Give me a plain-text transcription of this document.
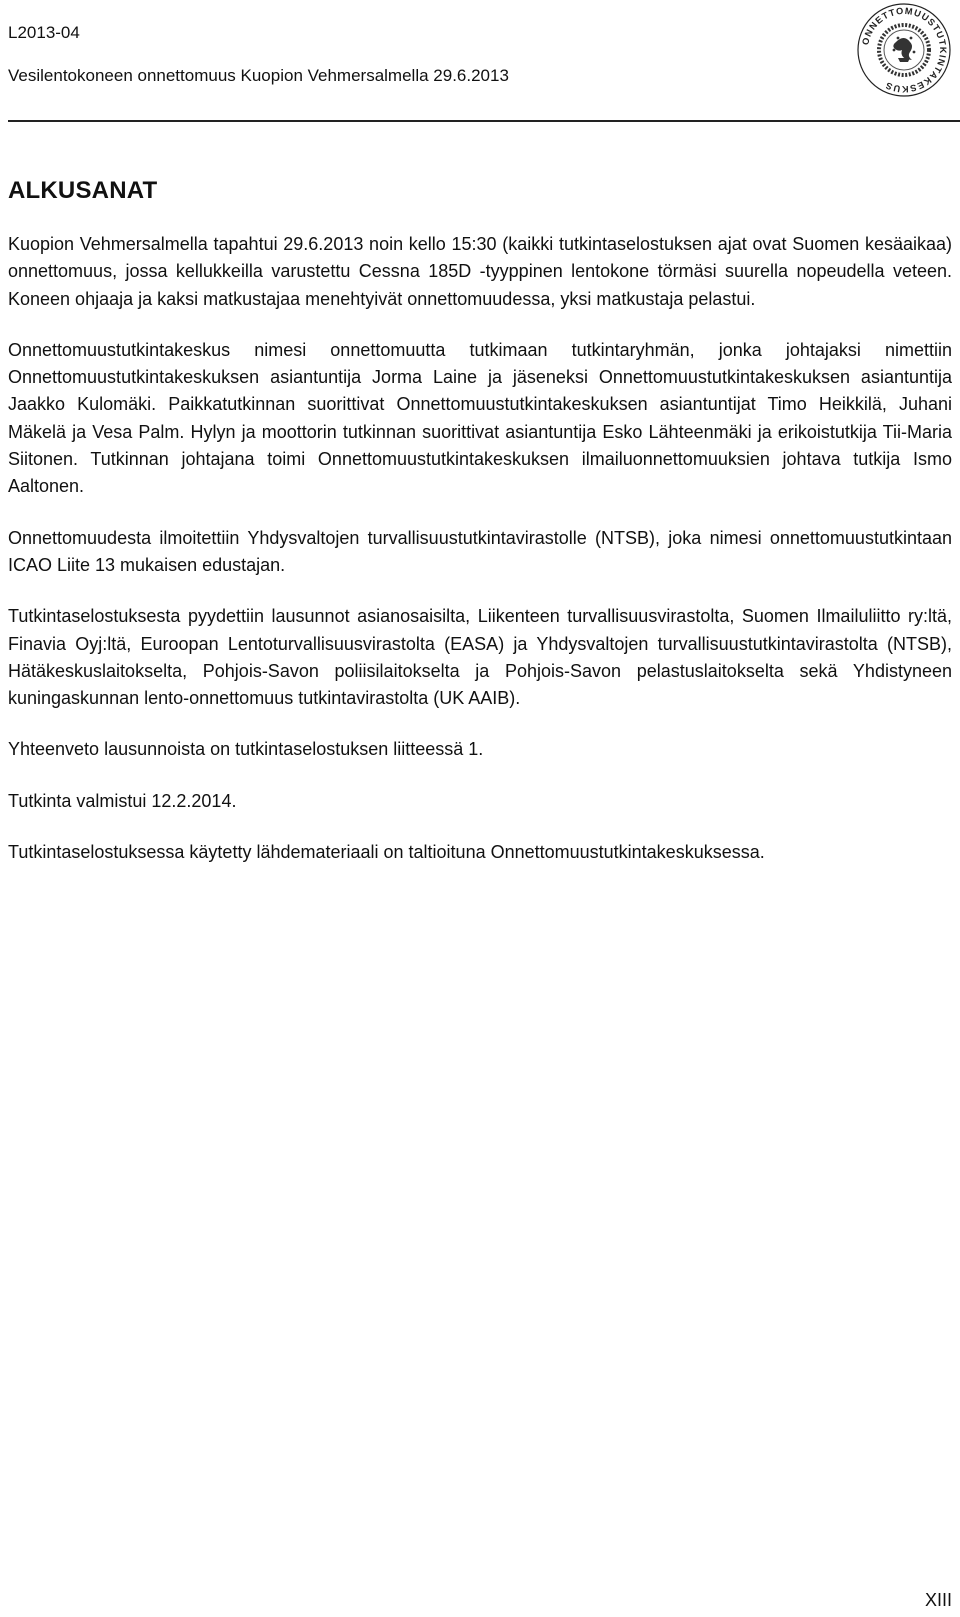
L2013-04
Vesilentokoneen onnettomuus Kuopion Vehmersalmella 29.6.2013
ONNETTOMUUSTUTKINTAKESKUS
ALKUSANAT

Kuopion Vehmersalmella tapahtui 29.6.2013 noin kello 15:30 (kaikki tutkintaselostuksen ajat ovat Suomen kesäaikaa) onnettomuus, jossa kellukkeilla varustettu Cessna 185D -tyyppinen lentokone törmäsi suurella nopeudella veteen. Koneen ohjaaja ja kaksi matkustajaa menehtyivät onnettomuudessa, yksi matkustaja pelastui.

Onnettomuustutkintakeskus nimesi onnettomuutta tutkimaan tutkintaryhmän, jonka johtajaksi nimettiin Onnettomuustutkintakeskuksen asiantuntija Jorma Laine ja jäseneksi Onnettomuustutkintakeskuksen asiantuntija Jaakko Kulomäki. Paikkatutkinnan suorittivat Onnettomuustutkintakeskuksen asiantuntijat Timo Heikkilä, Juhani Mäkelä ja Vesa Palm. Hylyn ja moottorin tutkinnan suorittivat asiantuntija Esko Lähteenmäki ja erikoistutkija Tii-Maria Siitonen. Tutkinnan johtajana toimi Onnettomuustutkintakeskuksen ilmailuonnettomuuksien johtava tutkija Ismo Aaltonen.

Onnettomuudesta ilmoitettiin Yhdysvaltojen turvallisuustutkintavirastolle (NTSB), joka nimesi onnettomuustutkintaan ICAO Liite 13 mukaisen edustajan.

Tutkintaselostuksesta pyydettiin lausunnot asianosaisilta, Liikenteen turvallisuusvirastolta, Suomen Ilmailuliitto ry:ltä, Finavia Oyj:ltä, Euroopan Lentoturvallisuusvirastolta (EASA) ja Yhdysvaltojen turvallisuustutkintavirastolta (NTSB), Hätäkeskuslaitokselta, Pohjois-Savon poliisilaitokselta ja Pohjois-Savon pelastuslaitokselta sekä Yhdistyneen kuningaskunnan lento-onnettomuus tutkintavirastolta (UK AAIB).

Yhteenveto lausunnoista on tutkintaselostuksen liitteessä 1.

Tutkinta valmistui 12.2.2014.

Tutkintaselostuksessa käytetty lähdemateriaali on taltioituna Onnettomuustutkintakeskuksessa.

XIII
